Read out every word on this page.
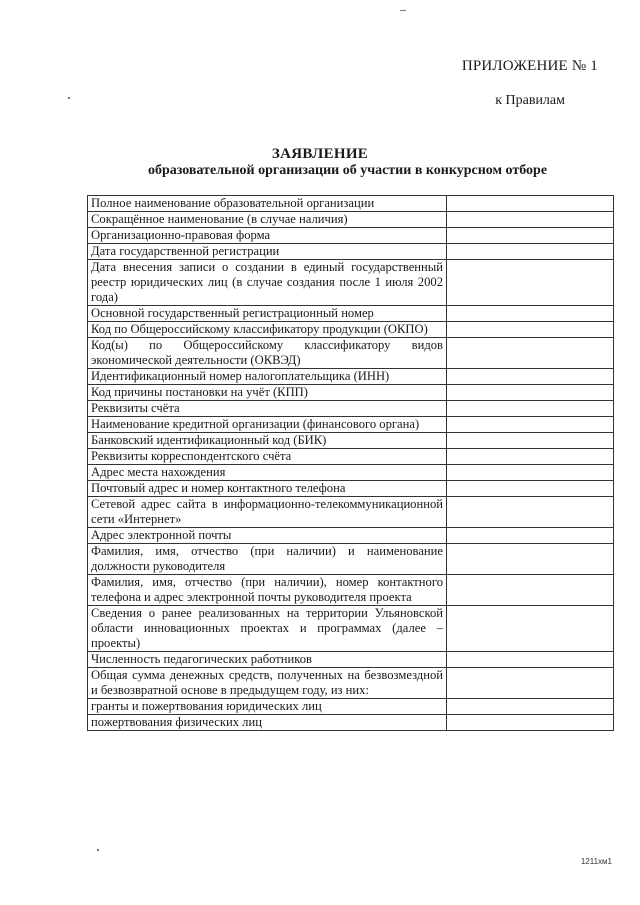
ПРИЛОЖЕНИЕ № 1
к Правилам
ЗАЯВЛЕНИЕ
образовательной организации об участии в конкурсном отборе
Полное наименование образовательной организации	
Сокращённое наименование (в случае наличия)	
Организационно-правовая форма	
Дата государственной регистрации	
Дата внесения записи о создании в единый государственный реестр юридических лиц (в случае создания после 1 июля 2002 года)	
Основной государственный регистрационный номер	
Код по Общероссийскому классификатору продукции (ОКПО)	
Код(ы) по Общероссийскому классификатору видов экономической деятельности (ОКВЭД)	
Идентификационный номер налогоплательщика (ИНН)	
Код причины постановки на учёт (КПП)	
Реквизиты счёта	
Наименование кредитной организации (финансового органа)	
Банковский идентификационный код (БИК)	
Реквизиты корреспондентского счёта	
Адрес места нахождения	
Почтовый адрес и номер контактного телефона	
Сетевой адрес сайта в информационно-телекоммуникационной сети «Интернет»	
Адрес электронной почты	
Фамилия, имя, отчество (при наличии) и наименование должности руководителя	
Фамилия, имя, отчество (при наличии), номер контактного телефона и адрес электронной почты руководителя проекта	
Сведения о ранее реализованных на территории Ульяновской области инновационных проектах и программах (далее – проекты)	
Численность педагогических работников	
Общая сумма денежных средств, полученных на безвозмездной и безвозвратной основе в предыдущем году, из них:	
гранты и пожертвования юридических лиц	
пожертвования физических лиц	
1211хм1
